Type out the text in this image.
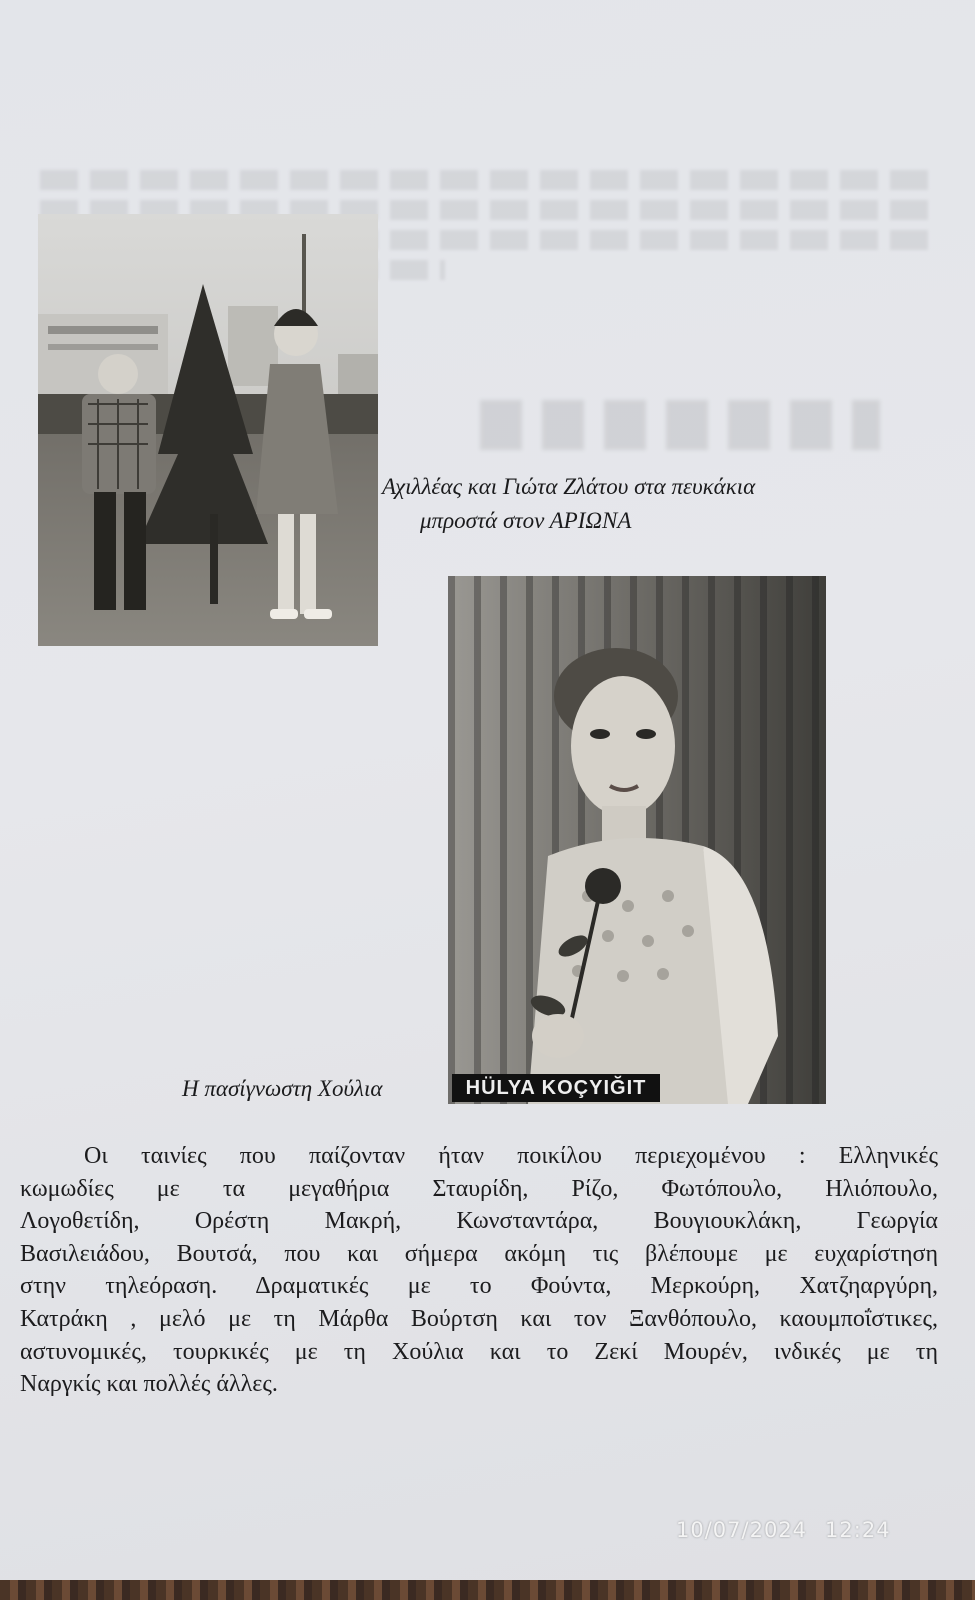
Αχιλλέας και Γιώτα Ζλάτου στα πευκάκια
μπροστά στον ΑΡΙΩΝΑ
HÜLYA KOÇYIĞIT
Η πασίγνωστη Χούλια
Οι ταινίες που παίζονταν ήταν ποικίλου περιεχομένου : Ελληνικές
κωμωδίες με τα μεγαθήρια Σταυρίδη, Ρίζο, Φωτόπουλο, Ηλιόπουλο,
Λογοθετίδη, Ορέστη Μακρή, Κωνσταντάρα, Βουγιουκλάκη, Γεωργία
Βασιλειάδου, Βουτσά, που και σήμερα ακόμη τις βλέπουμε με ευχαρίστηση
στην τηλεόραση. Δραματικές με το Φούντα, Μερκούρη, Χατζηαργύρη,
Κατράκη , μελό με τη Μάρθα Βούρτση και τον Ξανθόπουλο, καουμποΐστικες,
αστυνομικές, τουρκικές με τη Χούλια και το Ζεκί Μουρέν, ινδικές με τη
Ναργκίς και πολλές άλλες.
10/07/2024 12:24
